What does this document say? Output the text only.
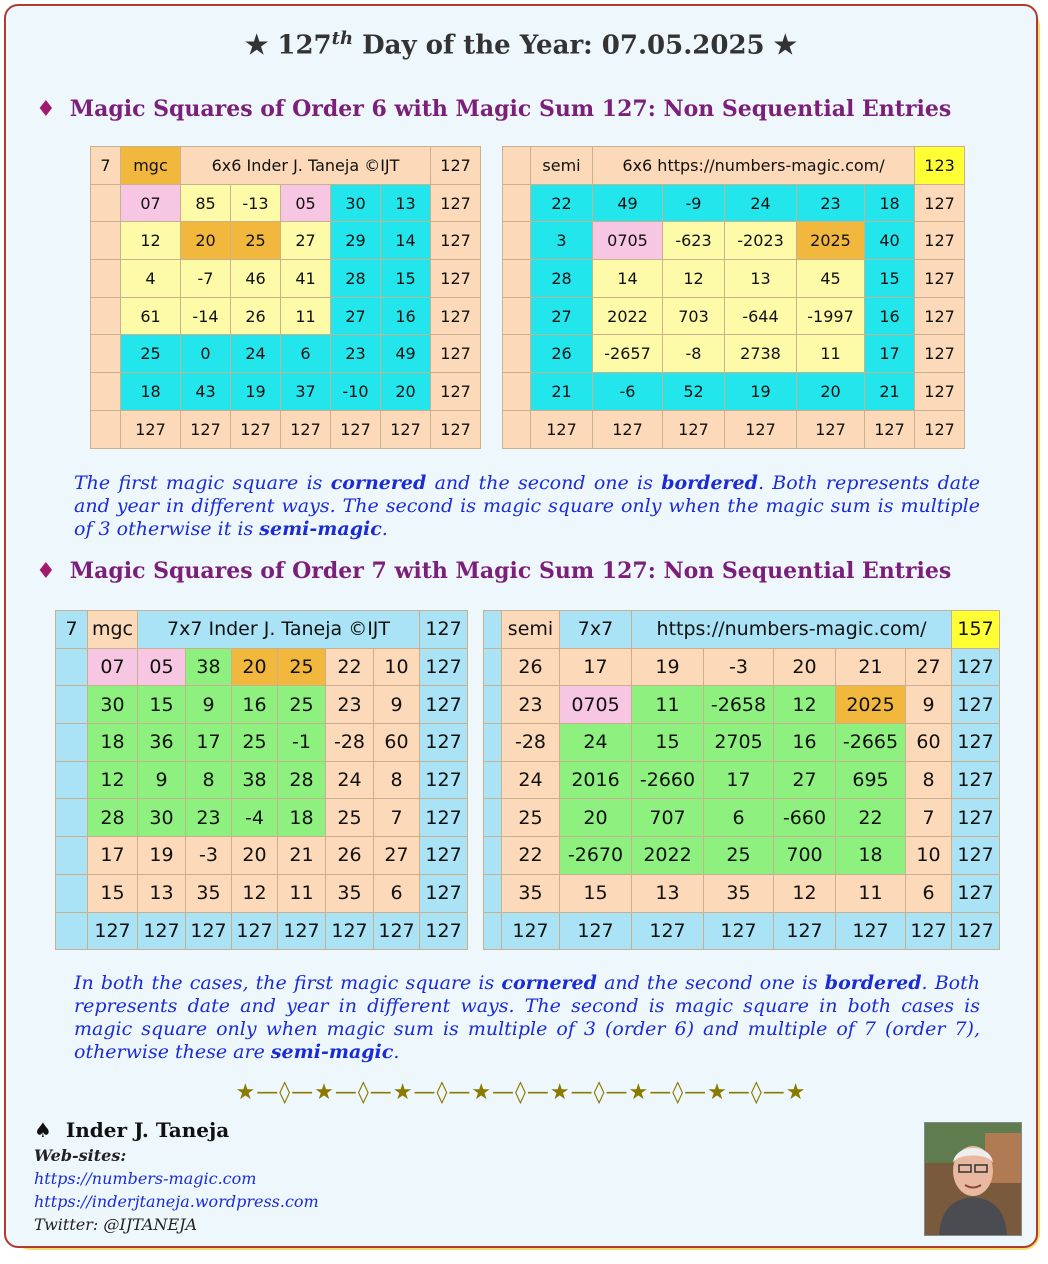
★ 127th Day of the Year: 07.05.2025 ★
♦ Magic Squares of Order 6 with Magic Sum 127: Non Sequential Entries
7	mgc	6x6 Inder J. Taneja ©IJT					127
	07	85	-13	05	30	13	127
	12	20	25	27	29	14	127
	4	-7	46	41	28	15	127
	61	-14	26	11	27	16	127
	25	0	24	6	23	49	127
	18	43	19	37	-10	20	127
	127	127	127	127	127	127	127
	semi	6x6 https://numbers-magic.com/					123
	22	49	-9	24	23	18	127
	3	0705	-623	-2023	2025	40	127
	28	14	12	13	45	15	127
	27	2022	703	-644	-1997	16	127
	26	-2657	-8	2738	11	17	127
	21	-6	52	19	20	21	127
	127	127	127	127	127	127	127
The first magic square is cornered and the second one is bordered. Both represents date and year in different ways. The second is magic square only when the magic sum is multiple of 3 otherwise it is semi-magic.
♦ Magic Squares of Order 7 with Magic Sum 127: Non Sequential Entries
7	mgc	7x7 Inder J. Taneja ©IJT						127
	07	05	38	20	25	22	10	127
	30	15	9	16	25	23	9	127
	18	36	17	25	-1	-28	60	127
	12	9	8	38	28	24	8	127
	28	30	23	-4	18	25	7	127
	17	19	-3	20	21	26	27	127
	15	13	35	12	11	35	6	127
	127	127	127	127	127	127	127	127
	semi	7x7	https://numbers-magic.com/					157
	26	17	19	-3	20	21	27	127
	23	0705	11	-2658	12	2025	9	127
	-28	24	15	2705	16	-2665	60	127
	24	2016	-2660	17	27	695	8	127
	25	20	707	6	-660	22	7	127
	22	-2670	2022	25	700	18	10	127
	35	15	13	35	12	11	6	127
	127	127	127	127	127	127	127	127
In both the cases, the first magic square is cornered and the second one is bordered. Both represents date and year in different ways. The second is magic square in both cases is magic square only when magic sum is multiple of 3 (order 6) and multiple of 7 (order 7), otherwise these are semi-magic.
★—◊—★—◊—★—◊—★—◊—★—◊—★—◊—★—◊—★
♠ Inder J. Taneja
Web-sites:
https://numbers-magic.com
https://inderjtaneja.wordpress.com
Twitter: @IJTANEJA
